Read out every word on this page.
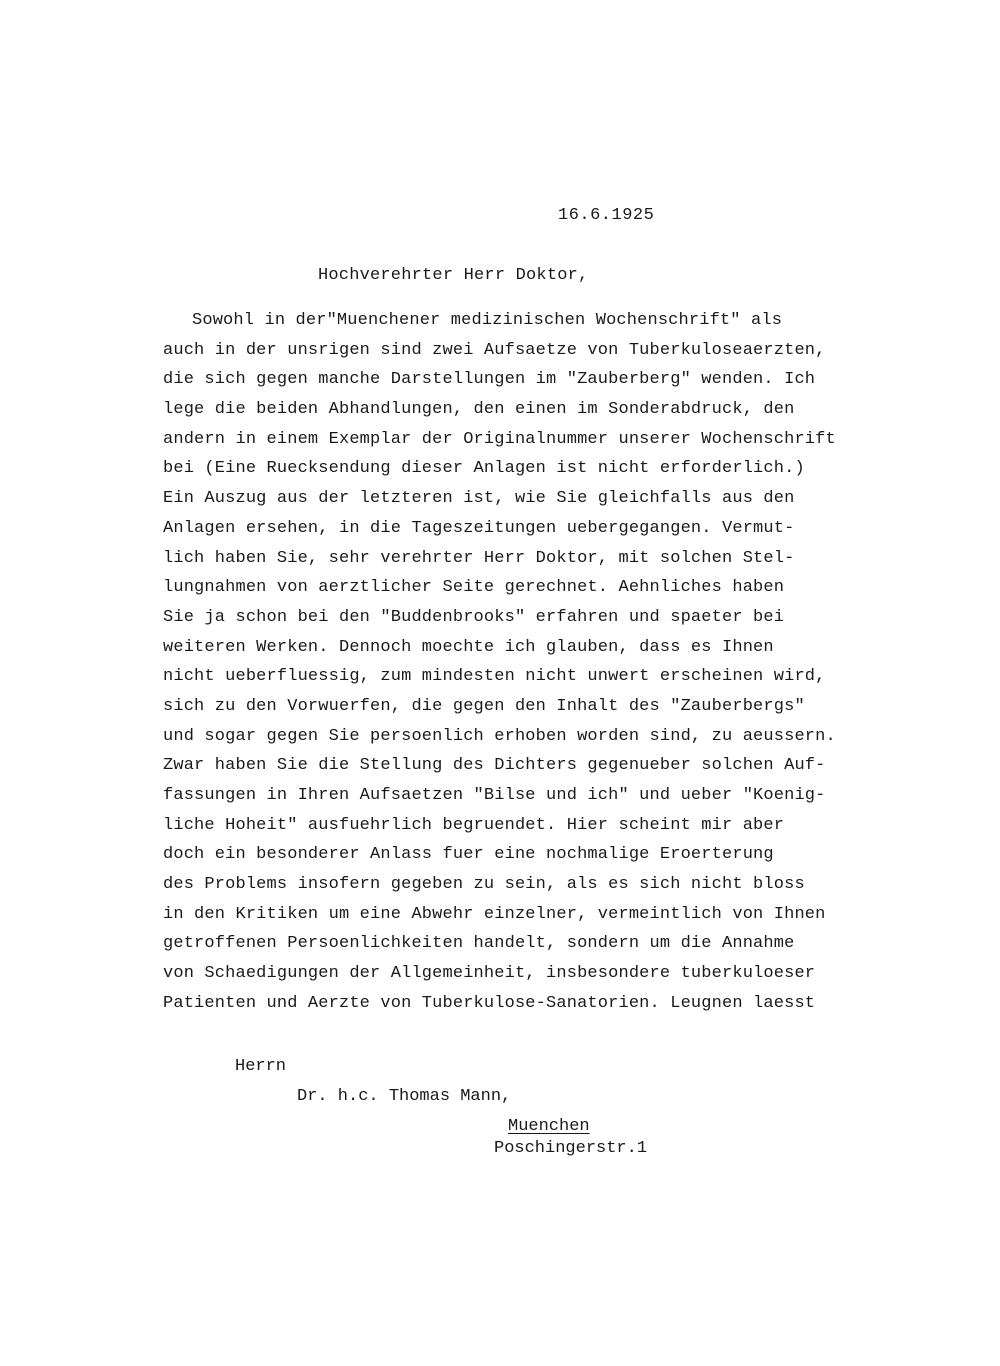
16.6.1925
Hochverehrter Herr Doktor,
Sowohl in der"Muenchener medizinischen Wochenschrift" als
auch in der unsrigen sind zwei Aufsaetze von Tuberkuloseaerzten,
die sich gegen manche Darstellungen im "Zauberberg" wenden. Ich
lege die beiden Abhandlungen, den einen im Sonderabdruck, den
andern in einem Exemplar der Originalnummer unserer Wochenschrift
bei (Eine Ruecksendung dieser Anlagen ist nicht erforderlich.)
Ein Auszug aus der letzteren ist, wie Sie gleichfalls aus den
Anlagen ersehen, in die Tageszeitungen uebergegangen. Vermut-
lich haben Sie, sehr verehrter Herr Doktor, mit solchen Stel-
lungnahmen von aerztlicher Seite gerechnet. Aehnliches haben
Sie ja schon bei den "Buddenbrooks" erfahren und spaeter bei
weiteren Werken. Dennoch moechte ich glauben, dass es Ihnen
nicht ueberfluessig, zum mindesten nicht unwert erscheinen wird,
sich zu den Vorwuerfen, die gegen den Inhalt des "Zauberbergs"
und sogar gegen Sie persoenlich erhoben worden sind, zu aeussern.
Zwar haben Sie die Stellung des Dichters gegenueber solchen Auf-
fassungen in Ihren Aufsaetzen "Bilse und ich" und ueber "Koenig-
liche Hoheit" ausfuehrlich begruendet. Hier scheint mir aber
doch ein besonderer Anlass fuer eine nochmalige Eroerterung
des Problems insofern gegeben zu sein, als es sich nicht bloss
in den Kritiken um eine Abwehr einzelner, vermeintlich von Ihnen
getroffenen Persoenlichkeiten handelt, sondern um die Annahme
von Schaedigungen der Allgemeinheit, insbesondere tuberkuloeser
Patienten und Aerzte von Tuberkulose-Sanatorien. Leugnen laesst
Herrn
Dr. h.c. Thomas Mann,
Muenchen
Poschingerstr.1
